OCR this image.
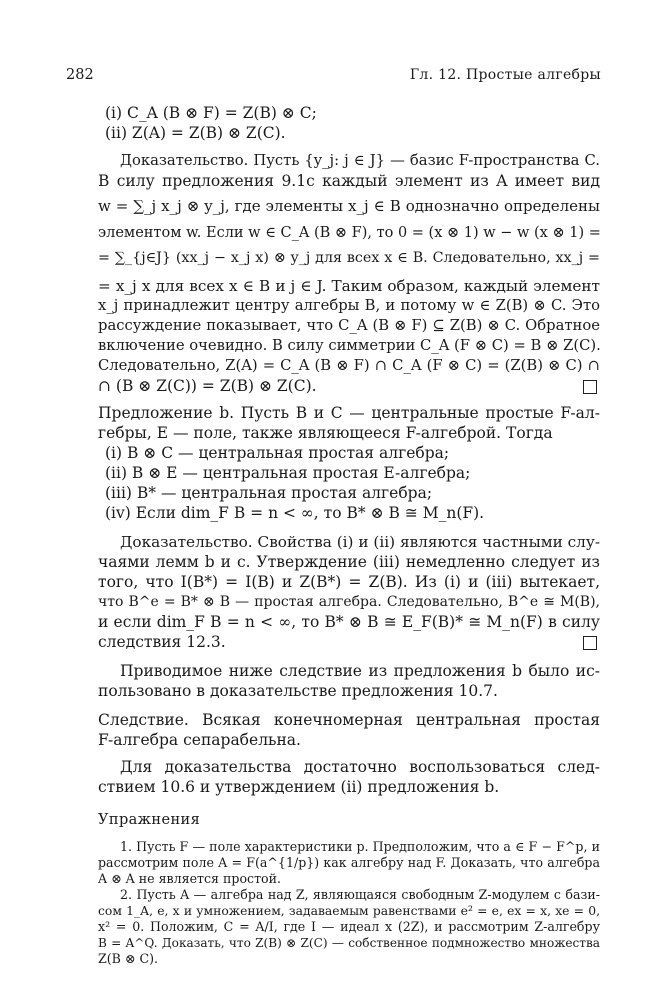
282	Гл. 12. Простые алгебры
(i) C_A (B ⊗ F) = Z(B) ⊗ C;
(ii) Z(A) = Z(B) ⊗ Z(C).
Доказательство. Пусть {y_j: j ∈ J} — базис F-пространства C.
В силу предложения 9.1c каждый элемент из A имеет вид
w = ∑_j x_j ⊗ y_j, где элементы x_j ∈ B однозначно определены
элементом w. Если w ∈ C_A (B ⊗ F), то 0 = (x ⊗ 1) w − w (x ⊗ 1) =
= ∑_{j∈J} (xx_j − x_j x) ⊗ y_j для всех x ∈ B. Следовательно, xx_j =
= x_j x для всех x ∈ B и j ∈ J. Таким образом, каждый элемент
x_j принадлежит центру алгебры B, и потому w ∈ Z(B) ⊗ C. Это
рассуждение показывает, что C_A (B ⊗ F) ⊆ Z(B) ⊗ C. Обратное
включение очевидно. В силу симметрии C_A (F ⊗ C) = B ⊗ Z(C).
Следовательно, Z(A) = C_A (B ⊗ F) ∩ C_A (F ⊗ C) = (Z(B) ⊗ C) ∩
∩ (B ⊗ Z(C)) = Z(B) ⊗ Z(C).
Предложение b. Пусть B и C — центральные простые F-ал-
гебры, E — поле, также являющееся F-алгеброй. Тогда
(i) B ⊗ C — центральная простая алгебра;
(ii) B ⊗ E — центральная простая E-алгебра;
(iii) B* — центральная простая алгебра;
(iv) Если dim_F B = n < ∞, то B* ⊗ B ≅ M_n(F).
Доказательство. Свойства (i) и (ii) являются частными слу-
чаями лемм b и c. Утверждение (iii) немедленно следует из
того, что I(B*) = I(B) и Z(B*) = Z(B). Из (i) и (iii) вытекает,
что B^e = B* ⊗ B — простая алгебра. Следовательно, B^e ≅ M(B),
и если dim_F B = n < ∞, то B* ⊗ B ≅ E_F(B)* ≅ M_n(F) в силу
следствия 12.3.
Приводимое ниже следствие из предложения b было ис-
пользовано в доказательстве предложения 10.7.
Следствие. Всякая конечномерная центральная простая
F-алгебра сепарабельна.
Для доказательства достаточно воспользоваться след-
ствием 10.6 и утверждением (ii) предложения b.
Упражнения
1. Пусть F — поле характеристики p. Предположим, что a ∈ F − F^p, и
рассмотрим поле A = F(a^{1/p}) как алгебру над F. Доказать, что алгебра
A ⊗ A не является простой.
2. Пусть A — алгебра над Z, являющаяся свободным Z-модулем с бази-
сом 1_A, e, x и умножением, задаваемым равенствами e² = e, ex = x, xe = 0,
x² = 0. Положим, C = A/I, где I — идеал x (2Z), и рассмотрим Z-алгебру
B = A^Q. Доказать, что Z(B) ⊗ Z(C) — собственное подмножество множества
Z(B ⊗ C).
